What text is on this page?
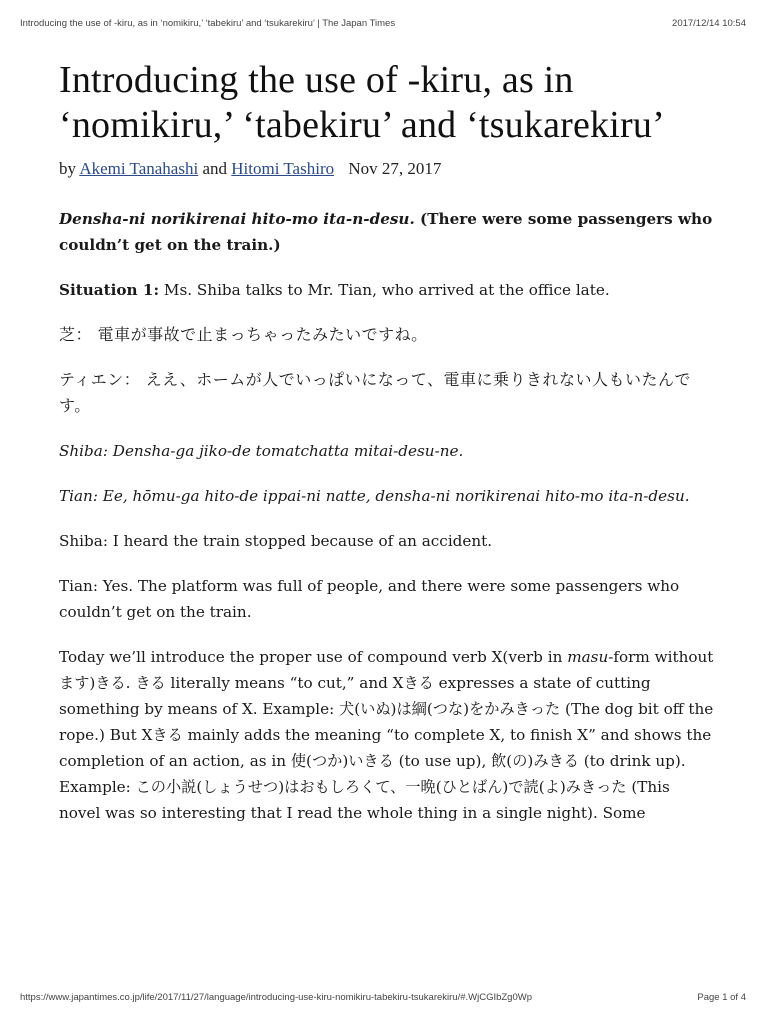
Introducing the use of -kiru, as in ‘nomikiru,’ ‘tabekiru’ and ‘tsukarekiru’ | The Japan Times	2017/12/14 10:54
Introducing the use of -kiru, as in ‘nomikiru,’ ‘tabekiru’ and ‘tsukarekiru’

by Akemi Tanahashi and Hitomi Tashiro Nov 27, 2017

Densha-ni norikirenai hito-mo ita-n-desu. (There were some passengers who couldn’t get on the train.)

Situation 1: Ms. Shiba talks to Mr. Tian, who arrived at the office late.

芝： 電車が事故で止まっちゃったみたいですね。

ティエン： ええ、ホームが人でいっぱいになって、電車に乗りきれない人もいたんです。

Shiba: Densha-ga jiko-de tomatchatta mitai-desu-ne.

Tian: Ee, hōmu-ga hito-de ippai-ni natte, densha-ni norikirenai hito-mo ita-n-desu.

Shiba: I heard the train stopped because of an accident.

Tian: Yes. The platform was full of people, and there were some passengers who couldn’t get on the train.

Today we’ll introduce the proper use of compound verb X(verb in masu-form without ます)きる. きる literally means “to cut,” and Xきる expresses a state of cutting something by means of X. Example: 犬(いぬ)は綱(つな)をかみきった (The dog bit off the rope.) But Xきる mainly adds the meaning “to complete X, to finish X” and shows the completion of an action, as in 使(つか)いきる (to use up), 飲(の)みきる (to drink up). Example: この小説(しょうせつ)はおもしろくて、一晩(ひとばん)で読(よ)みきった (This novel was so interesting that I read the whole thing in a single night). Some

https://www.japantimes.co.jp/life/2017/11/27/language/introducing-use-kiru-nomikiru-tabekiru-tsukarekiru/#.WjCGIbZg0Wp	Page 1 of 4
